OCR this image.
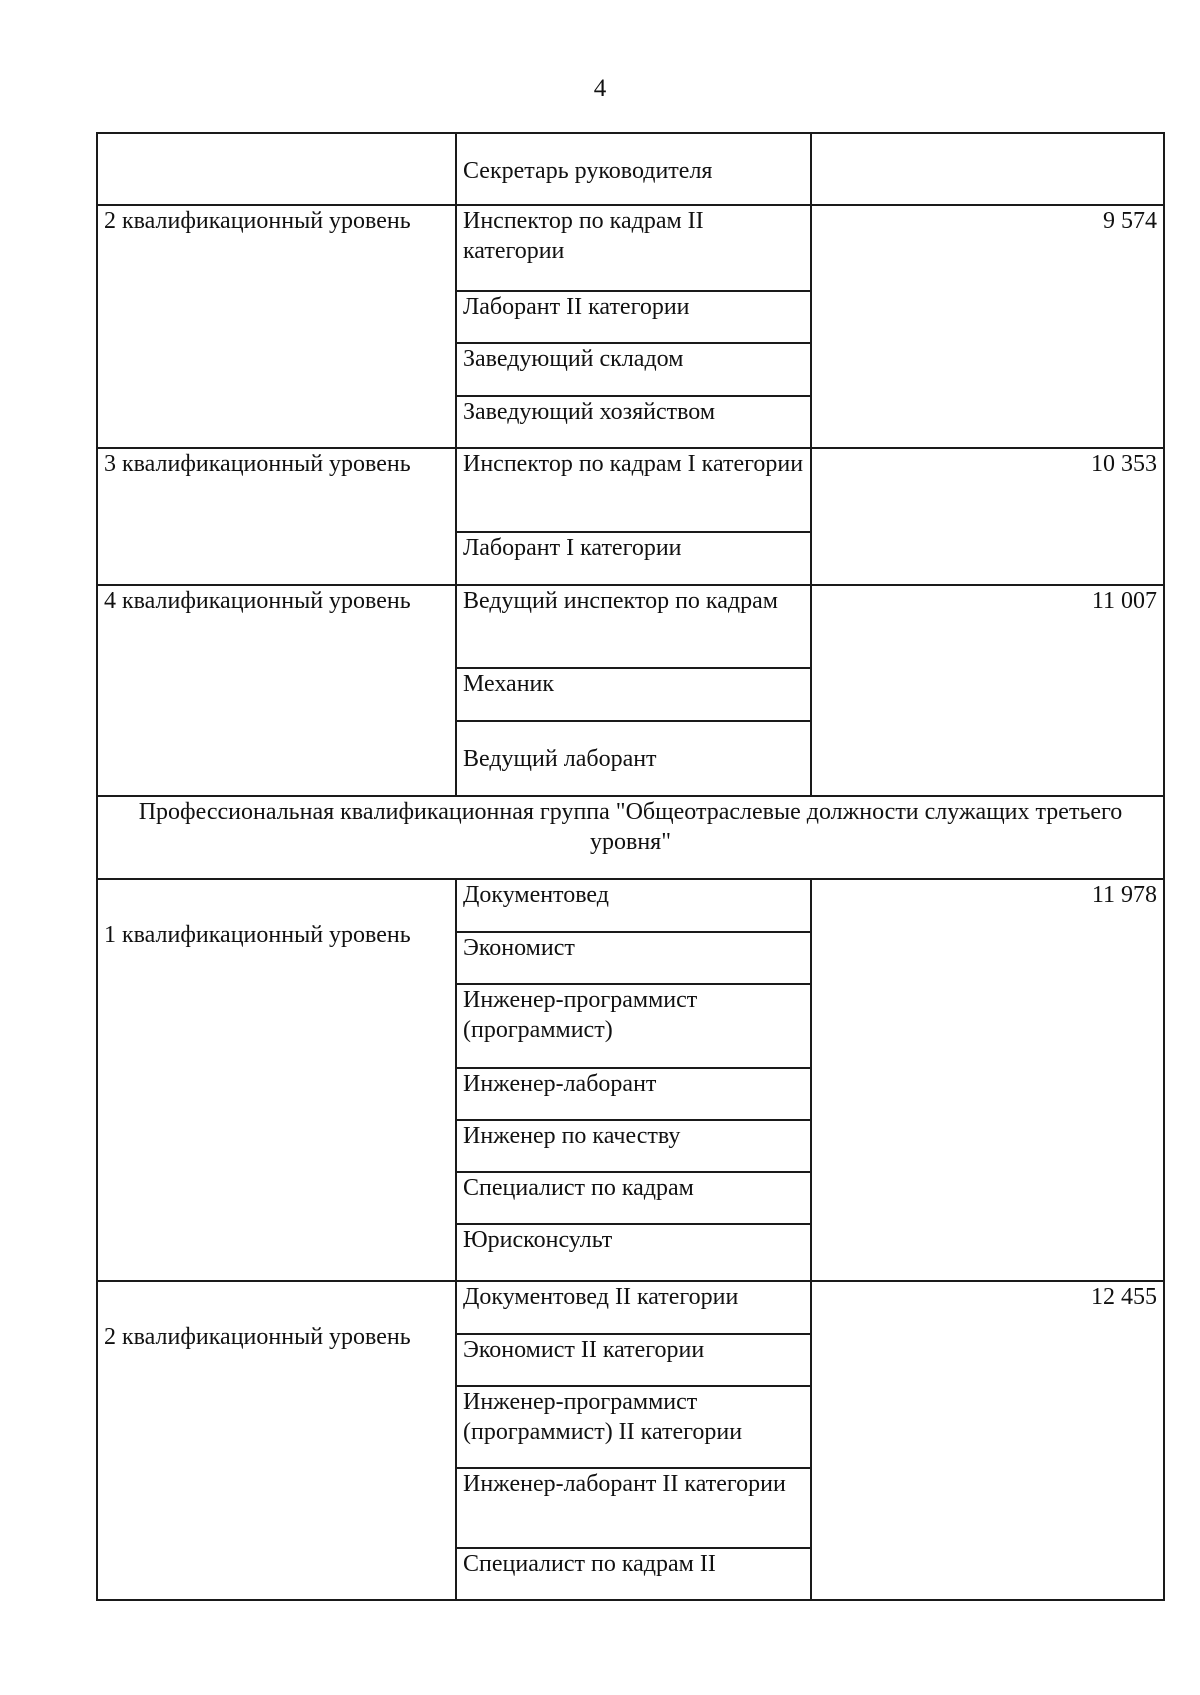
4
	Секретарь руководителя	
2 квалификационный уровень	Инспектор по кадрам II категории	9 574
	Лаборант II категории	
	Заведующий складом	
	Заведующий хозяйством	
3 квалификационный уровень	Инспектор по кадрам I категории	10 353
	Лаборант I категории	
4 квалификационный уровень	Ведущий инспектор по кадрам	11 007
	Механик	
	Ведущий лаборант	
Профессиональная квалификационная группа "Общеотраслевые должности служащих третьего уровня"		
1 квалификационный уровень	Документовед	11 978
	Экономист	
	Инженер-программист (программист)	
	Инженер-лаборант	
	Инженер по качеству	
	Специалист по кадрам	
	Юрисконсульт	
2 квалификационный уровень	Документовед II категории	12 455
	Экономист II категории	
	Инженер-программист (программист) II категории	
	Инженер-лаборант II категории	
	Специалист по кадрам II	
